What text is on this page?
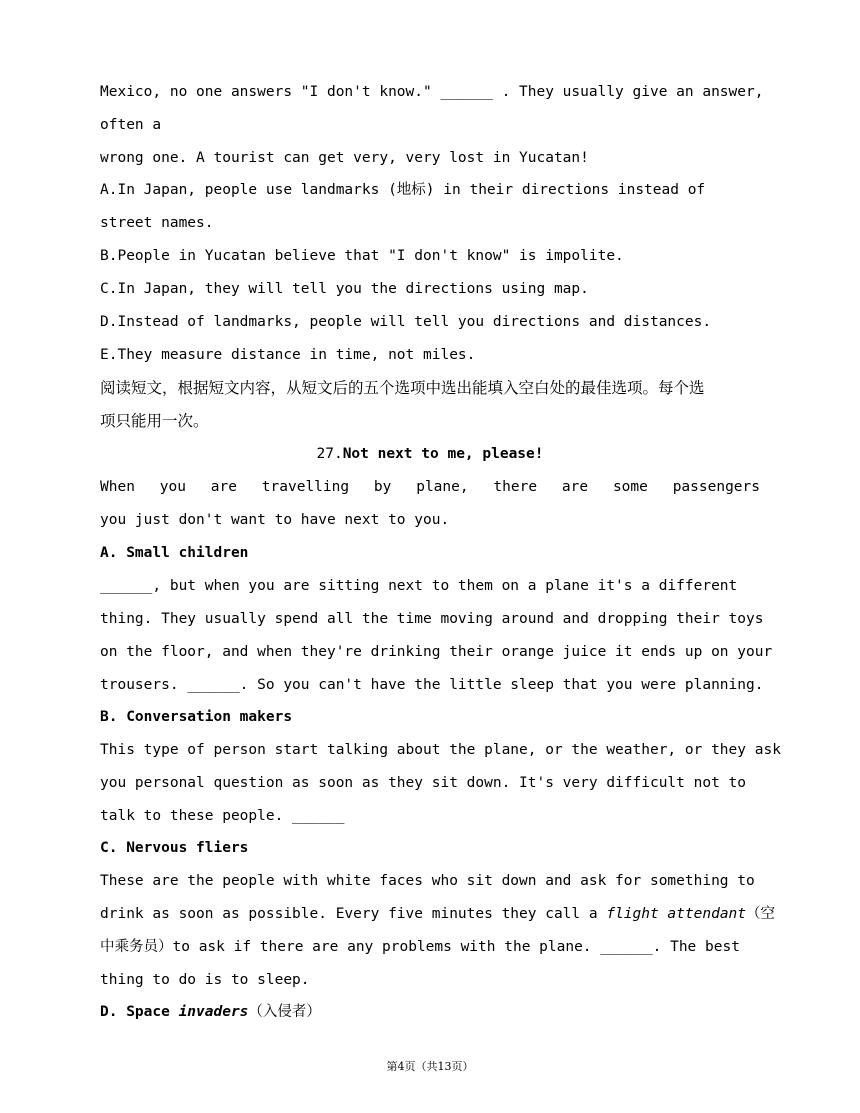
Mexico, no one answers "I don't know." ______ . They usually give an answer,
often a
wrong one. A tourist can get very, very lost in Yucatan!
A.In Japan, people use landmarks (地标) in their directions instead of
street names.
B.People in Yucatan believe that "I don't know" is impolite.
C.In Japan, they will tell you the directions using map.
D.Instead of landmarks, people will tell you directions and distances.
E.They measure distance in time, not miles.
阅读短文，根据短文内容，从短文后的五个选项中选出能填入空白处的最佳选项。每个选
项只能用一次。
27.Not next to me, please!
When you are travelling by plane, there are some passengers
you just don't want to have next to you.
A. Small children
______, but when you are sitting next to them on a plane it's a different
thing. They usually spend all the time moving around and dropping their toys
on the floor, and when they're drinking their orange juice it ends up on your
trousers. ______. So you can't have the little sleep that you were planning.
B. Conversation makers
This type of person start talking about the plane, or the weather, or they ask
you personal question as soon as they sit down. It's very difficult not to
talk to these people. ______
C. Nervous fliers
These are the people with white faces who sit down and ask for something to
drink as soon as possible. Every five minutes they call a flight attendant（空
中乘务员）to ask if there are any problems with the plane. ______. The best
thing to do is to sleep.
D. Space invaders（入侵者）
第4页（共13页）
